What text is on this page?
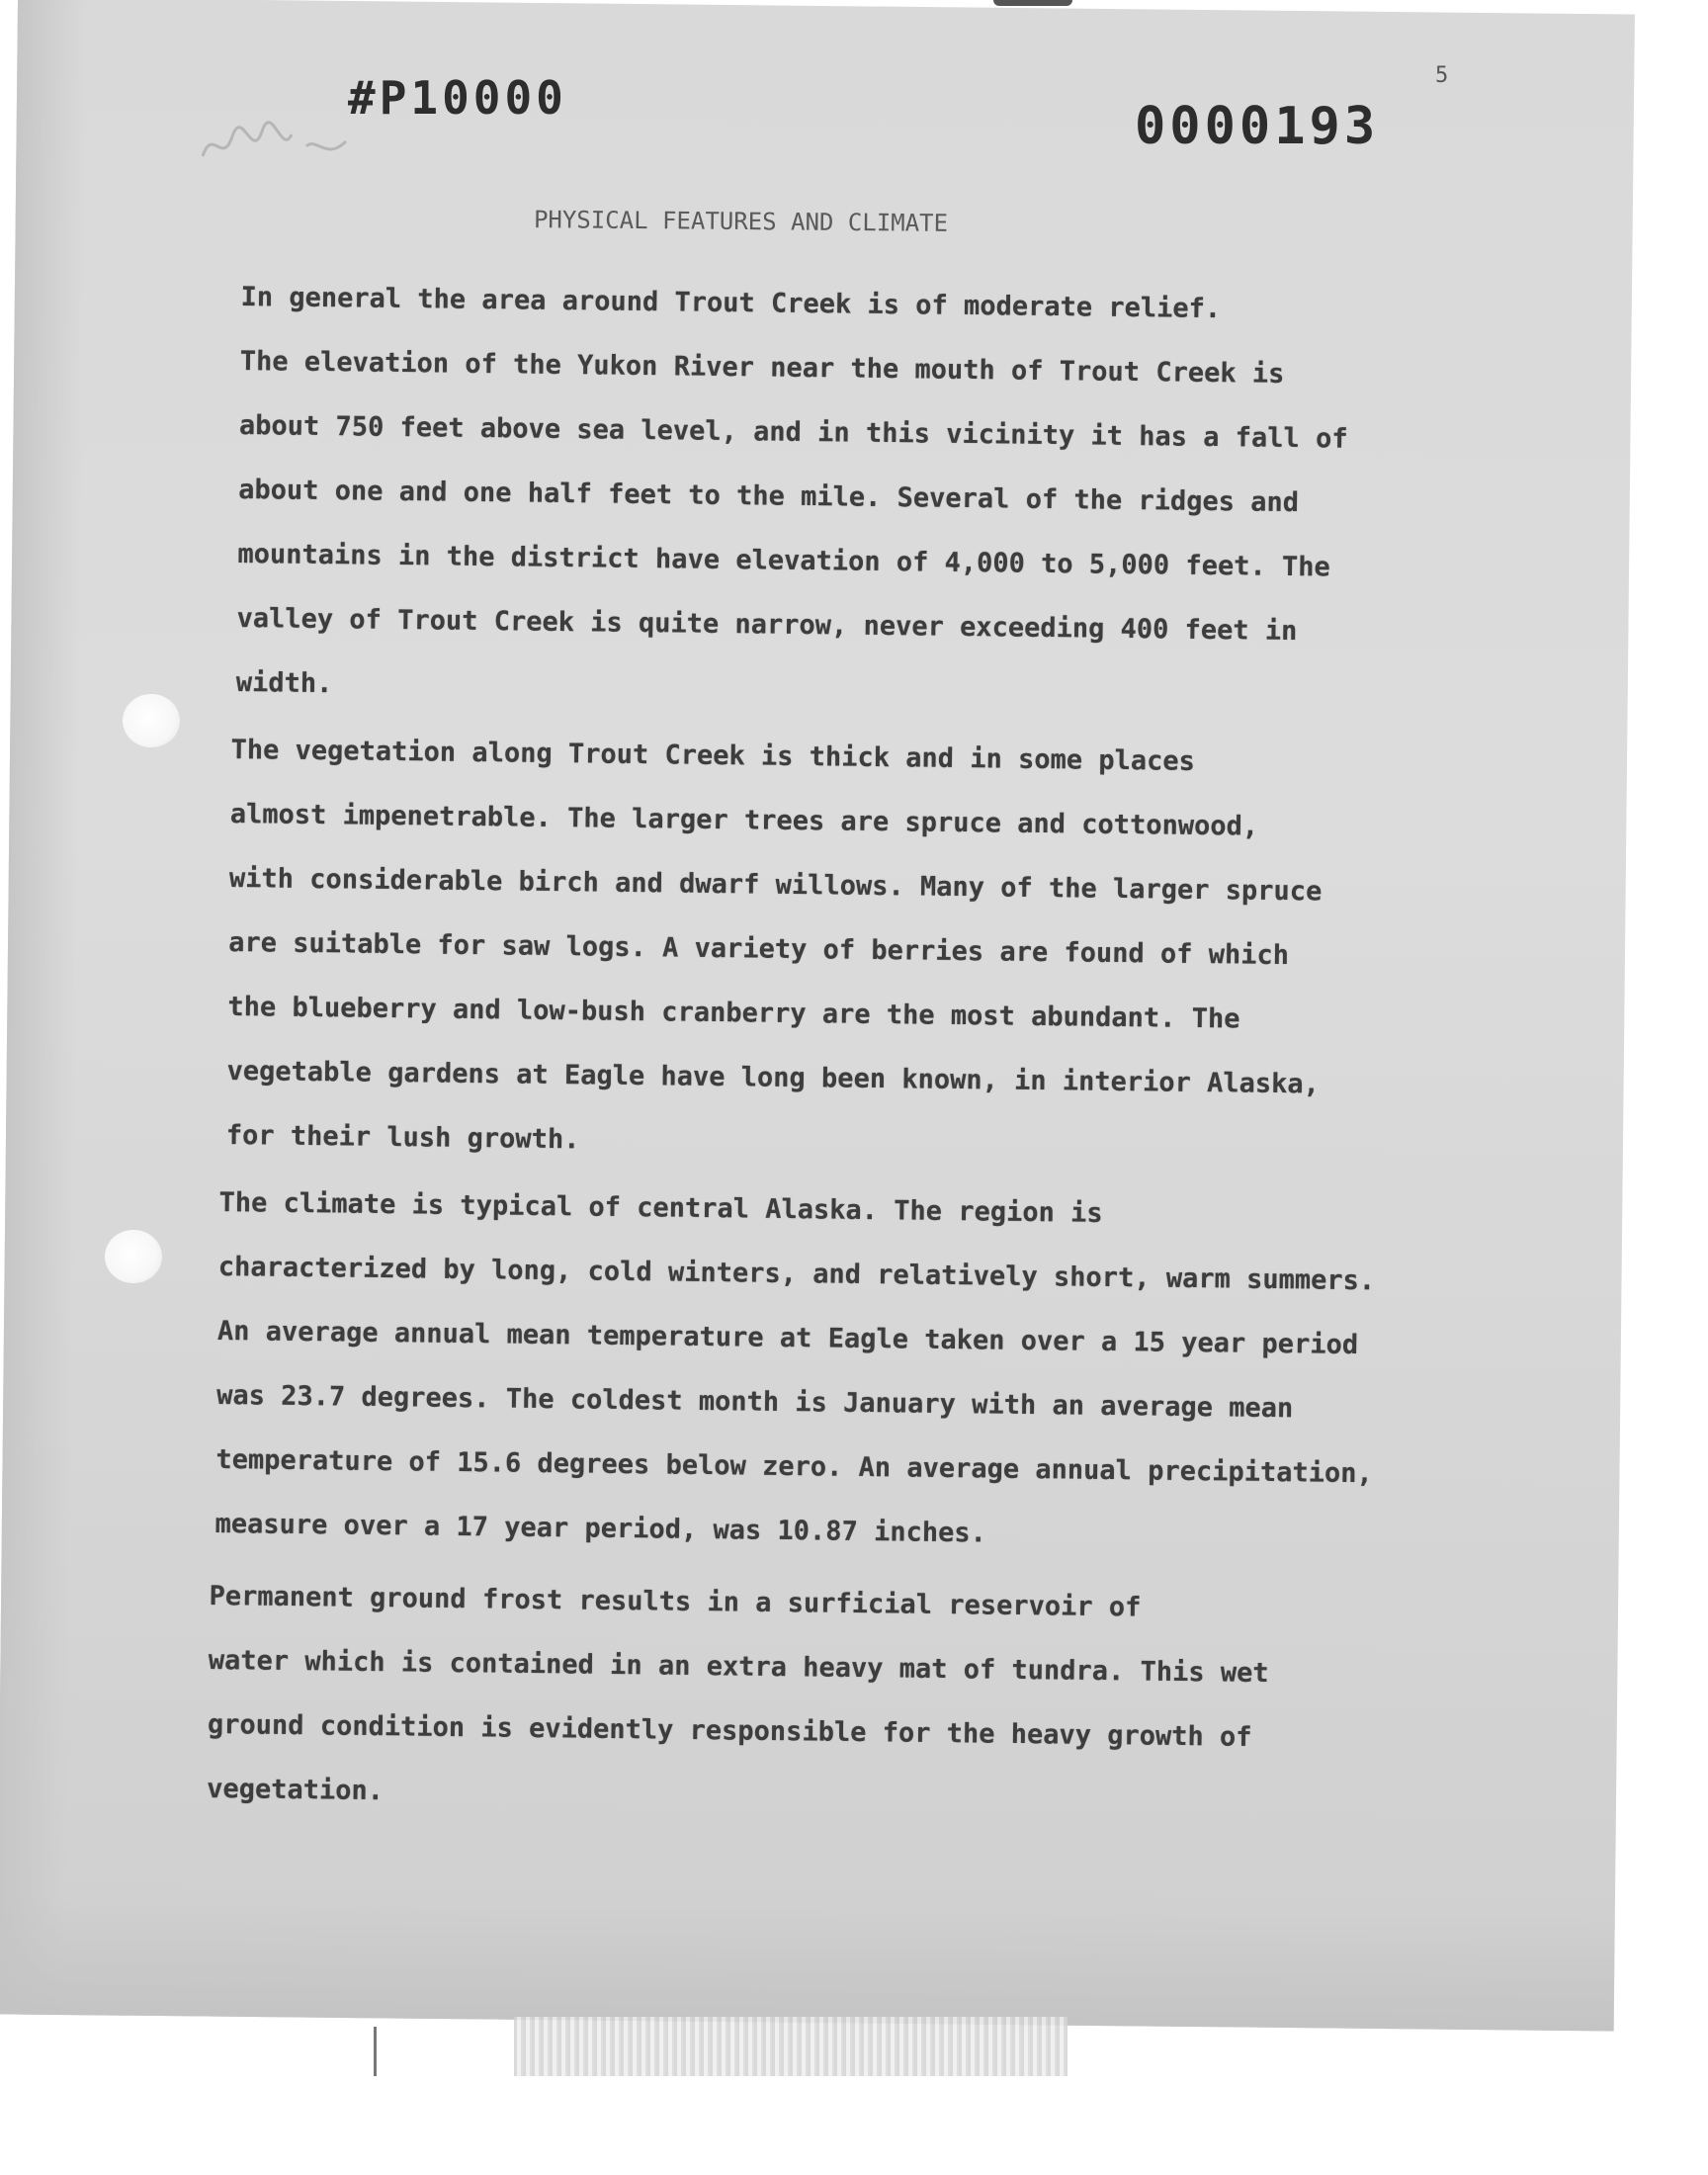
#P10000	0000193
5
PHYSICAL FEATURES AND CLIMATE
In general the area around Trout Creek is of moderate relief.
The elevation of the Yukon River near the mouth of Trout Creek is
about 750 feet above sea level, and in this vicinity it has a fall of
about one and one half feet to the mile. Several of the ridges and
mountains in the district have elevation of 4,000 to 5,000 feet. The
valley of Trout Creek is quite narrow, never exceeding 400 feet in
width.
The vegetation along Trout Creek is thick and in some places
almost impenetrable. The larger trees are spruce and cottonwood,
with considerable birch and dwarf willows. Many of the larger spruce
are suitable for saw logs. A variety of berries are found of which
the blueberry and low-bush cranberry are the most abundant. The
vegetable gardens at Eagle have long been known, in interior Alaska,
for their lush growth.
The climate is typical of central Alaska. The region is
characterized by long, cold winters, and relatively short, warm summers.
An average annual mean temperature at Eagle taken over a 15 year period
was 23.7 degrees. The coldest month is January with an average mean
temperature of 15.6 degrees below zero. An average annual precipitation,
measure over a 17 year period, was 10.87 inches.
Permanent ground frost results in a surficial reservoir of
water which is contained in an extra heavy mat of tundra. This wet
ground condition is evidently responsible for the heavy growth of
vegetation.
